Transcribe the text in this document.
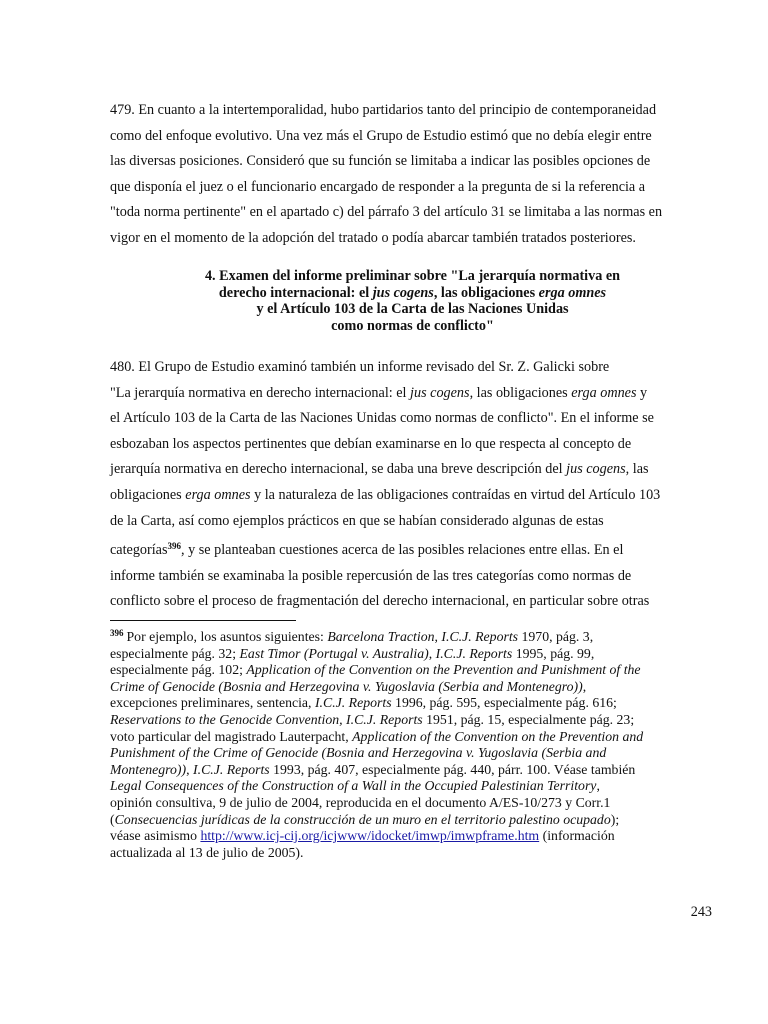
479. En cuanto a la intertemporalidad, hubo partidarios tanto del principio de contemporaneidad
como del enfoque evolutivo. Una vez más el Grupo de Estudio estimó que no debía elegir entre
las diversas posiciones. Consideró que su función se limitaba a indicar las posibles opciones de
que disponía el juez o el funcionario encargado de responder a la pregunta de si la referencia a
"toda norma pertinente" en el apartado c) del párrafo 3 del artículo 31 se limitaba a las normas en
vigor en el momento de la adopción del tratado o podía abarcar también tratados posteriores.

4. Examen del informe preliminar sobre "La jerarquía normativa en
derecho internacional: el jus cogens, las obligaciones erga omnes
y el Artículo 103 de la Carta de las Naciones Unidas
como normas de conflicto"

480. El Grupo de Estudio examinó también un informe revisado del Sr. Z. Galicki sobre
"La jerarquía normativa en derecho internacional: el jus cogens, las obligaciones erga omnes y
el Artículo 103 de la Carta de las Naciones Unidas como normas de conflicto". En el informe se
esbozaban los aspectos pertinentes que debían examinarse en lo que respecta al concepto de
jerarquía normativa en derecho internacional, se daba una breve descripción del jus cogens, las
obligaciones erga omnes y la naturaleza de las obligaciones contraídas en virtud del Artículo 103
de la Carta, así como ejemplos prácticos en que se habían considerado algunas de estas
categorías$^{396}$, y se planteaban cuestiones acerca de las posibles relaciones entre ellas. En el
informe también se examinaba la posible repercusión de las tres categorías como normas de
conflicto sobre el proceso de fragmentación del derecho internacional, en particular sobre otras

$^{396}$ Por ejemplo, los asuntos siguientes: Barcelona Traction, I.C.J. Reports 1970, pág. 3,
especialmente pág. 32; East Timor (Portugal v. Australia), I.C.J. Reports 1995, pág. 99,
especialmente pág. 102; Application of the Convention on the Prevention and Punishment of the
Crime of Genocide (Bosnia and Herzegovina v. Yugoslavia (Serbia and Montenegro)),
excepciones preliminares, sentencia, I.C.J. Reports 1996, pág. 595, especialmente pág. 616;
Reservations to the Genocide Convention, I.C.J. Reports 1951, pág. 15, especialmente pág. 23;
voto particular del magistrado Lauterpacht, Application of the Convention on the Prevention and
Punishment of the Crime of Genocide (Bosnia and Herzegovina v. Yugoslavia (Serbia and
Montenegro)), I.C.J. Reports 1993, pág. 407, especialmente pág. 440, párr. 100. Véase también
Legal Consequences of the Construction of a Wall in the Occupied Palestinian Territory,
opinión consultiva, 9 de julio de 2004, reproducida en el documento A/ES-10/273 y Corr.1
(Consecuencias jurídicas de la construcción de un muro en el territorio palestino ocupado);
véase asimismo http://www.icj-cij.org/icjwww/idocket/imwp/imwpframe.htm (información
actualizada al 13 de julio de 2005).
243
